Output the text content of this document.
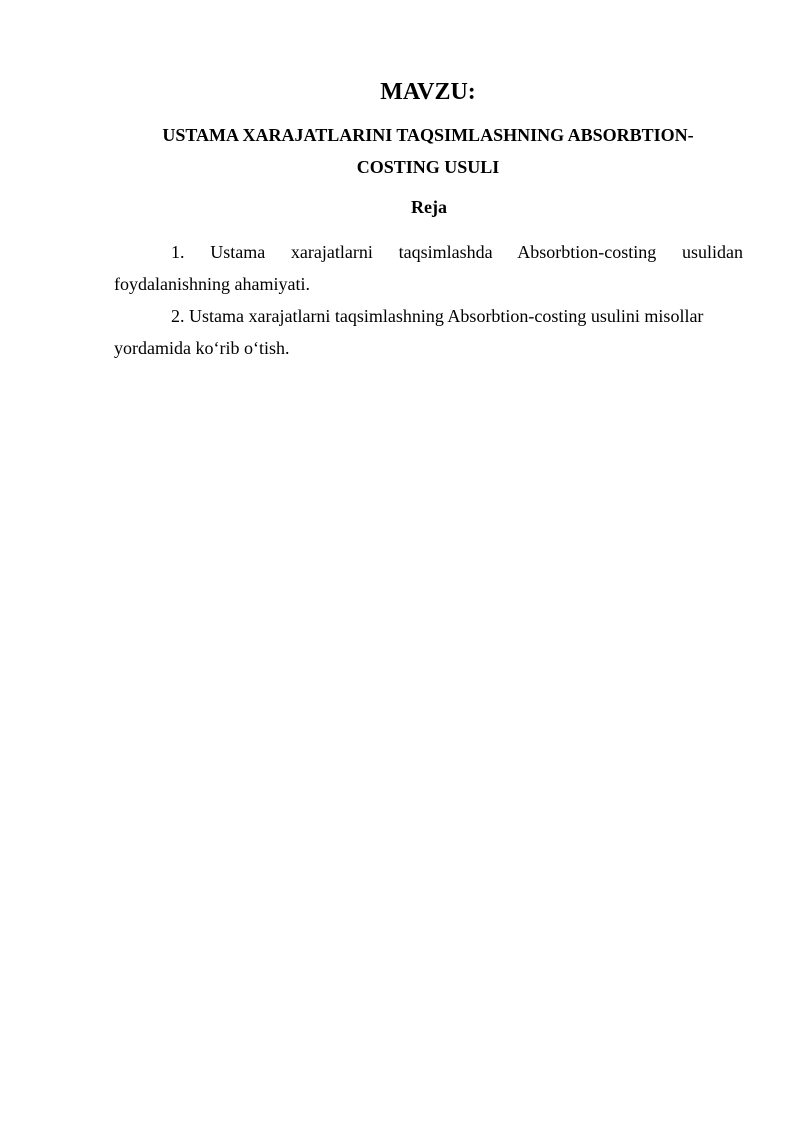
MAVZU:
USTAMA XARAJATLARINI TAQSIMLASHNING ABSORBTION-
COSTING USULI
Reja

1. Ustama xarajatlarni taqsimlashda Absorbtion-costing usulidan foydalanishning ahamiyati.

2. Ustama xarajatlarni taqsimlashning Absorbtion-costing usulini misollar yordamida ko‘rib o‘tish.
